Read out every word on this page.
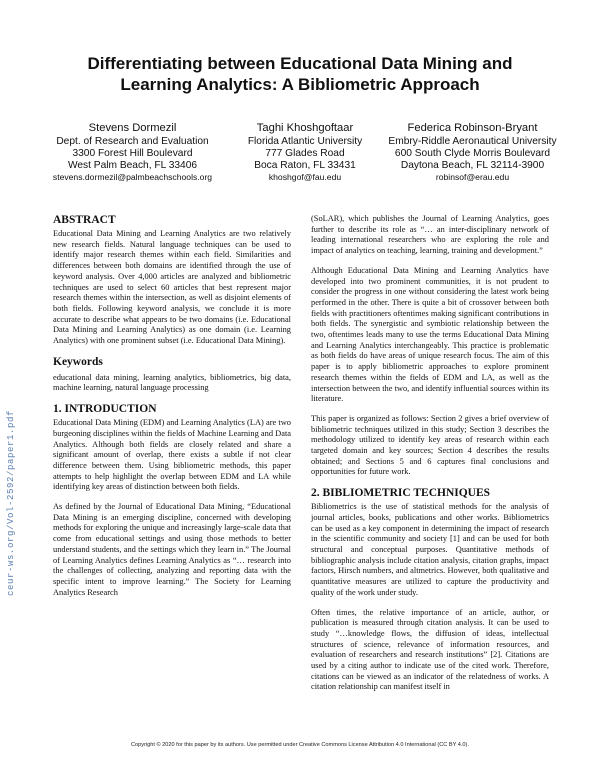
Differentiating between Educational Data Mining and
Learning Analytics: A Bibliometric Approach
Stevens Dormezil
Dept. of Research and Evaluation
3300 Forest Hill Boulevard
West Palm Beach, FL 33406
stevens.dormezil@palmbeachschools.org
Taghi Khoshgoftaar
Florida Atlantic University
777 Glades Road
Boca Raton, FL 33431
khoshgof@fau.edu
Federica Robinson-Bryant
Embry-Riddle Aeronautical University
600 South Clyde Morris Boulevard
Daytona Beach, FL 32114-3900
robinsof@erau.edu
ABSTRACT

Educational Data Mining and Learning Analytics are two relatively new research fields. Natural language techniques can be used to identify major research themes within each field. Similarities and differences between both domains are identified through the use of keyword analysis. Over 4,000 articles are analyzed and bibliometric techniques are used to select 60 articles that best represent major research themes within the intersection, as well as disjoint elements of both fields. Following keyword analysis, we conclude it is more accurate to describe what appears to be two domains (i.e. Educational Data Mining and Learning Analytics) as one domain (i.e. Learning Analytics) with one prominent subset (i.e. Educational Data Mining).

Keywords

educational data mining, learning analytics, bibliometrics, big data, machine learning, natural language processing

1. INTRODUCTION

Educational Data Mining (EDM) and Learning Analytics (LA) are two burgeoning disciplines within the fields of Machine Learning and Data Analytics. Although both fields are closely related and share a significant amount of overlap, there exists a subtle if not clear difference between them. Using bibliometric methods, this paper attempts to help highlight the overlap between EDM and LA while identifying key areas of distinction between both fields.

As defined by the Journal of Educational Data Mining, “Educational Data Mining is an emerging discipline, concerned with developing methods for exploring the unique and increasingly large-scale data that come from educational settings and using those methods to better understand students, and the settings which they learn in.” The Journal of Learning Analytics defines Learning Analytics as “… research into the challenges of collecting, analyzing and reporting data with the specific intent to improve learning.” The Society for Learning Analytics Research

(SoLAR), which publishes the Journal of Learning Analytics, goes further to describe its role as “… an inter-disciplinary network of leading international researchers who are exploring the role and impact of analytics on teaching, learning, training and development.”

Although Educational Data Mining and Learning Analytics have developed into two prominent communities, it is not prudent to consider the progress in one without considering the latest work being performed in the other. There is quite a bit of crossover between both fields with practitioners oftentimes making significant contributions in both fields. The synergistic and symbiotic relationship between the two, oftentimes leads many to use the terms Educational Data Mining and Learning Analytics interchangeably. This practice is problematic as both fields do have areas of unique research focus. The aim of this paper is to apply bibliometric approaches to explore prominent research themes within the fields of EDM and LA, as well as the intersection between the two, and identify influential sources within its literature.

This paper is organized as follows: Section 2 gives a brief overview of bibliometric techniques utilized in this study; Section 3 describes the methodology utilized to identify key areas of research within each targeted domain and key sources; Section 4 describes the results obtained; and Sections 5 and 6 captures final conclusions and opportunities for future work.

2. BIBLIOMETRIC TECHNIQUES

Bibliometrics is the use of statistical methods for the analysis of journal articles, books, publications and other works. Bibliometrics can be used as a key component in determining the impact of research in the scientific community and society [1] and can be used for both structural and conceptual purposes. Quantitative methods of bibliographic analysis include citation analysis, citation graphs, impact factors, Hirsch numbers, and altmetrics. However, both qualitative and quantitative measures are utilized to capture the productivity and quality of the work under study.

Often times, the relative importance of an article, author, or publication is measured through citation analysis. It can be used to study “…knowledge flows, the diffusion of ideas, intellectual structures of science, relevance of information resources, and evaluation of researchers and research institutions” [2]. Citations are used by a citing author to indicate use of the cited work. Therefore, citations can be viewed as an indicator of the relatedness of works. A citation relationship can manifest itself in

ceur-ws.org/Vol-2592/paper1.pdf
Copyright © 2020 for this paper by its authors. Use permitted under Creative Commons License Attribution 4.0 International (CC BY 4.0).
